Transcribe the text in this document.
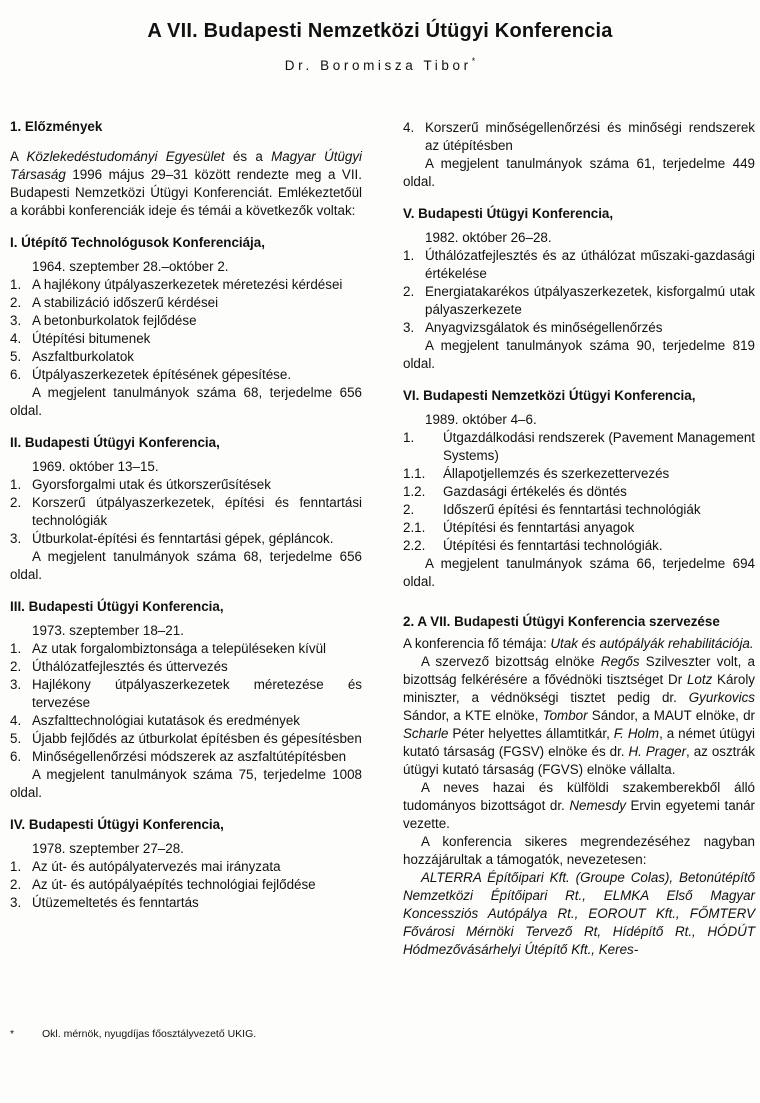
A VII. Budapesti Nemzetközi Útügyi Konferencia
Dr. Boromisza Tibor*
1. Előzmények

A Közlekedéstudományi Egyesület és a Magyar Útügyi Társaság 1996 május 29–31 között rendezte meg a VII. Budapesti Nemzetközi Útügyi Konferenciát. Emlékeztetőül a korábbi konferenciák ideje és témái a következők voltak:

I. Útépítő Technológusok Konferenciája,
1964. szeptember 28.–október 2.
1. A hajlékony útpályaszerkezetek méretezési kérdései
2. A stabilizáció időszerű kérdései
3. A betonburkolatok fejlődése
4. Útépítési bitumenek
5. Aszfaltburkolatok
6. Útpályaszerkezetek építésének gépesítése.

A megjelent tanulmányok száma 68, terjedelme 656 oldal.

II. Budapesti Útügyi Konferencia,
1969. október 13–15.
1. Gyorsforgalmi utak és útkorszerűsítések
2. Korszerű útpályaszerkezetek, építési és fenntartási technológiák
3. Útburkolat-építési és fenntartási gépek, gépláncok.

A megjelent tanulmányok száma 68, terjedelme 656 oldal.

III. Budapesti Útügyi Konferencia,
1973. szeptember 18–21.
1. Az utak forgalombiztonsága a településeken kívül
2. Úthálózatfejlesztés és úttervezés
3. Hajlékony útpályaszerkezetek méretezése és tervezése
4. Aszfalttechnológiai kutatások és eredmények
5. Újabb fejlődés az útburkolat építésben és gépesítésben
6. Minőségellenőrzési módszerek az aszfaltútépítésben

A megjelent tanulmányok száma 75, terjedelme 1008 oldal.

IV. Budapesti Útügyi Konferencia,
1978. szeptember 27–28.
1. Az út- és autópályatervezés mai irányzata
2. Az út- és autópályaépítés technológiai fejlődése
3. Útüzemeltetés és fenntartás
4. Korszerű minőségellenőrzési és minőségi rendszerek az útépítésben

A megjelent tanulmányok száma 61, terjedelme 449 oldal.

V. Budapesti Útügyi Konferencia,
1982. október 26–28.
1. Úthálózatfejlesztés és az úthálózat műszaki-gazdasági értékelése
2. Energiatakarékos útpályaszerkezetek, kisforgalmú utak pályaszerkezete
3. Anyagvizsgálatok és minőségellenőrzés

A megjelent tanulmányok száma 90, terjedelme 819 oldal.

VI. Budapesti Nemzetközi Útügyi Konferencia,
1989. október 4–6.
1.	Útgazdálkodási rendszerek (Pavement Management Systems)
1.1.	Állapotjellemzés és szerkezettervezés
1.2.	Gazdasági értékelés és döntés
2.	Időszerű építési és fenntartási technológiák
2.1.	Útépítési és fenntartási anyagok
2.2.	Útépítési és fenntartási technológiák.

A megjelent tanulmányok száma 66, terjedelme 694 oldal.

2. A VII. Budapesti Útügyi Konferencia szervezése

A konferencia fő témája: Utak és autópályák rehabilitációja.

A szervező bizottság elnöke Regős Szilveszter volt, a bizottság felkérésére a fővédnöki tisztséget Dr Lotz Károly miniszter, a védnökségi tisztet pedig dr. Gyurkovics Sándor, a KTE elnöke, Tombor Sándor, a MAUT elnöke, dr Scharle Péter helyettes államtitkár, F. Holm, a német útügyi kutató társaság (FGSV) elnöke és dr. H. Prager, az osztrák útügyi kutató társaság (FGVS) elnöke vállalta.

A neves hazai és külföldi szakemberekből álló tudományos bizottságot dr. Nemesdy Ervin egyetemi tanár vezette.

A konferencia sikeres megrendezéséhez nagyban hozzájárultak a támogatók, nevezetesen:

ALTERRA Építőipari Kft. (Groupe Colas), Betonútépítő Nemzetközi Építőipari Rt., ELMKA Első Magyar Koncessziós Autópálya Rt., EOROUT Kft., FŐMTERV Fővárosi Mérnöki Tervező Rt, Hídépítő Rt., HÓDÚT Hódmezővásárhelyi Útépítő Kft., Keres-

*	Okl. mérnök, nyugdíjas főosztályvezető UKIG.
